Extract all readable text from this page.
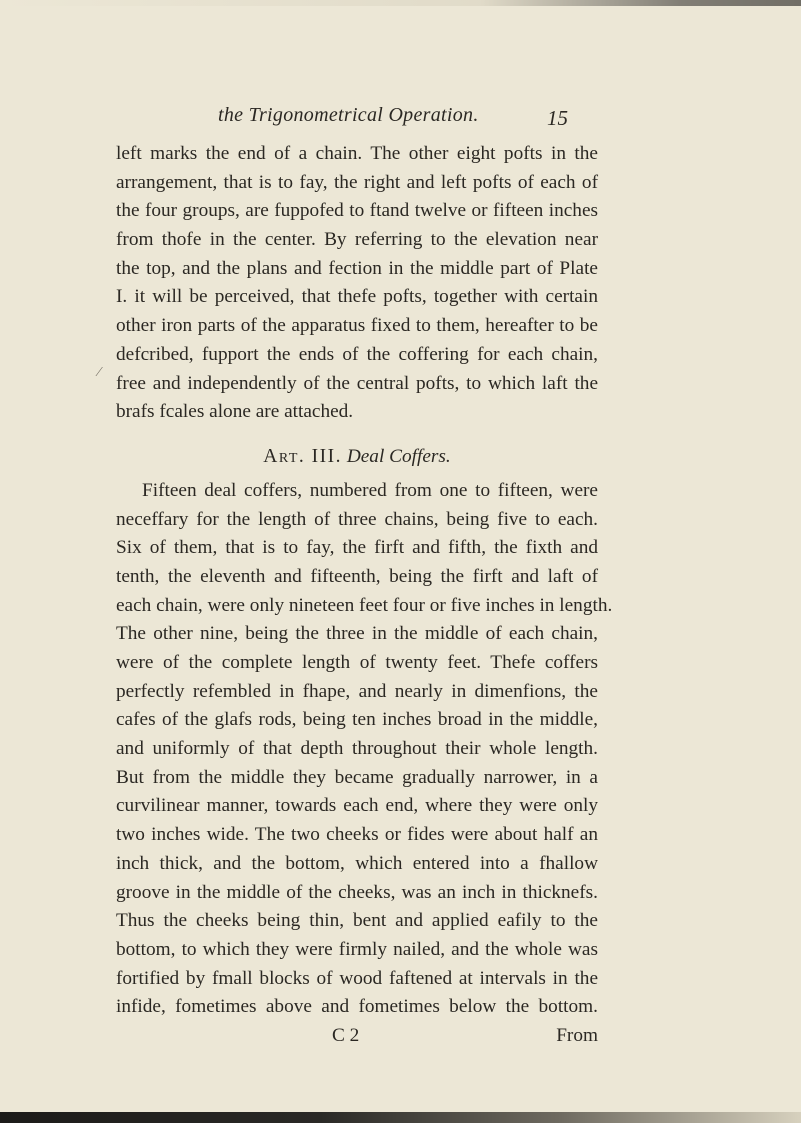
the Trigonometrical Operation.	15
⁄
left marks the end of a chain. The other eight pofts in the
arrangement, that is to fay, the right and left pofts of each of
the four groups, are fuppofed to ftand twelve or fifteen inches
from thofe in the center. By referring to the elevation near
the top, and the plans and fection in the middle part of Plate
I. it will be perceived, that thefe pofts, together with certain
other iron parts of the apparatus fixed to them, hereafter to be
defcribed, fupport the ends of the coffering for each chain,
free and independently of the central pofts, to which laft the
brafs fcales alone are attached.
Art. III. Deal Coffers.
Fifteen deal coffers, numbered from one to fifteen, were
neceffary for the length of three chains, being five to each.
Six of them, that is to fay, the firft and fifth, the fixth and
tenth, the eleventh and fifteenth, being the firft and laft of
each chain, were only nineteen feet four or five inches in length.
The other nine, being the three in the middle of each chain,
were of the complete length of twenty feet. Thefe coffers
perfectly refembled in fhape, and nearly in dimenfions, the
cafes of the glafs rods, being ten inches broad in the middle,
and uniformly of that depth throughout their whole length.
But from the middle they became gradually narrower, in a
curvilinear manner, towards each end, where they were only
two inches wide. The two cheeks or fides were about half an
inch thick, and the bottom, which entered into a fhallow
groove in the middle of the cheeks, was an inch in thicknefs.
Thus the cheeks being thin, bent and applied eafily to the
bottom, to which they were firmly nailed, and the whole was
fortified by fmall blocks of wood faftened at intervals in the
infide, fometimes above and fometimes below the bottom.
C 2	From
